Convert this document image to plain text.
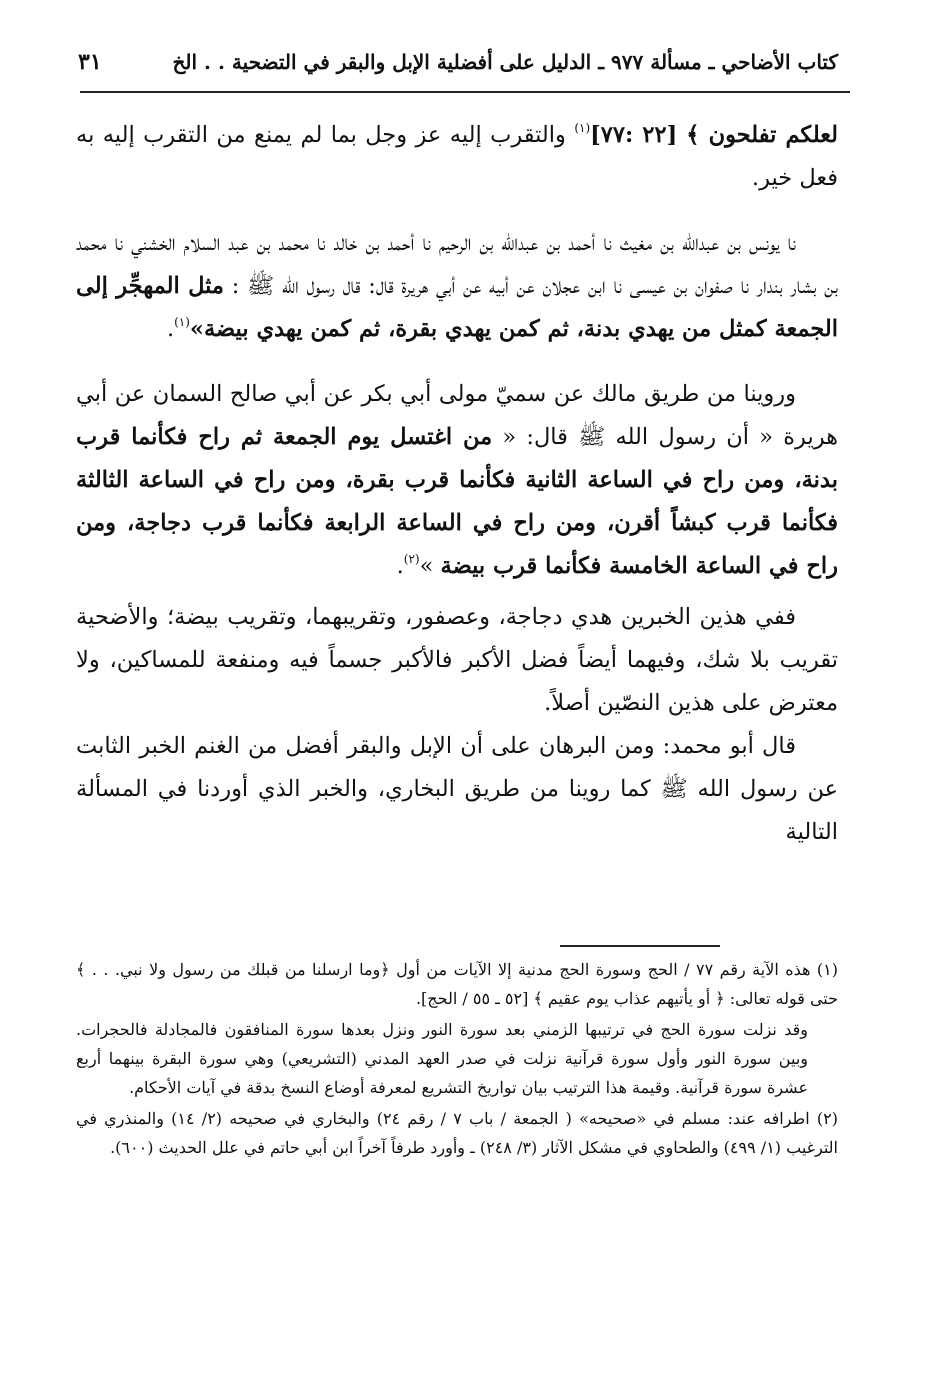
كتاب الأضاحي ـ مسألة ٩٧٧ ـ الدليل على أفضلية الإبل والبقر في التضحية . . الخ
٣١

لعلكم تفلحون ﴾ [٢٢ :٧٧]$^{(١)}$ والتقرب إليه عز وجل بما لم يمنع من التقرب إليه به فعل خير.

نا يونس بن عبدالله بن مغيث نا أحمد بن عبدالله بن الرحيم نا أحمد بن خالد نا محمد بن عبد السلام الخشني نا محمد بن بشار بندار نا صفوان بن عيسى نا ابن عجلان عن أبيه عن أبي هريرة قال: قال رسول الله ﷺ : مثل المهجِّر إلى الجمعة كمثل من يهدي بدنة، ثم كمن يهدي بقرة، ثم كمن يهدي بيضة»$^{(١)}$.

وروينا من طريق مالك عن سميّ مولى أبي بكر عن أبي صالح السمان عن أبي هريرة « أن رسول الله ﷺ قال: « من اغتسل يوم الجمعة ثم راح فكأنما قرب بدنة، ومن راح في الساعة الثانية فكأنما قرب بقرة، ومن راح في الساعة الثالثة فكأنما قرب كبشاً أقرن، ومن راح في الساعة الرابعة فكأنما قرب دجاجة، ومن راح في الساعة الخامسة فكأنما قرب بيضة »$^{(٢)}$.

ففي هذين الخبرين هدي دجاجة، وعصفور، وتقريبهما، وتقريب بيضة؛ والأضحية تقريب بلا شك، وفيهما أيضاً فضل الأكبر فالأكبر جسماً فيه ومنفعة للمساكين، ولا معترض على هذين النصّين أصلاً.

قال أبو محمد: ومن البرهان على أن الإبل والبقر أفضل من الغنم الخبر الثابت عن رسول الله ﷺ كما روينا من طريق البخاري، والخبر الذي أوردنا في المسألة التالية

(١) هذه الآية رقم ٧٧ / الحج وسورة الحج مدنية إلا الآيات من أول ﴿وما ارسلنا من قبلك من رسول ولا نبي. . . ﴾ حتى قوله تعالى: ﴿ أو يأتيهم عذاب يوم عقيم ﴾ [٥٢ ـ ٥٥ / الحج].

وقد نزلت سورة الحج في ترتيبها الزمني بعد سورة النور ونزل بعدها سورة المنافقون فالمجادلة فالحجرات. وبين سورة النور وأول سورة قرآنية نزلت في صدر العهد المدني (التشريعي) وهي سورة البقرة بينهما أربع عشرة سورة قرآنية. وقيمة هذا الترتيب بيان تواريخ التشريع لمعرفة أوضاع النسخ بدقة في آيات الأحكام.

(٢) اطرافه عند: مسلم في «صحيحه» ( الجمعة / باب ٧ / رقم ٢٤) والبخاري في صحيحه (٢/ ١٤) والمنذري في الترغيب (١/ ٤٩٩) والطحاوي في مشكل الآثار (٣/ ٢٤٨) ـ وأورد طرفاً آخراً ابن أبي حاتم في علل الحديث (٦٠٠).
